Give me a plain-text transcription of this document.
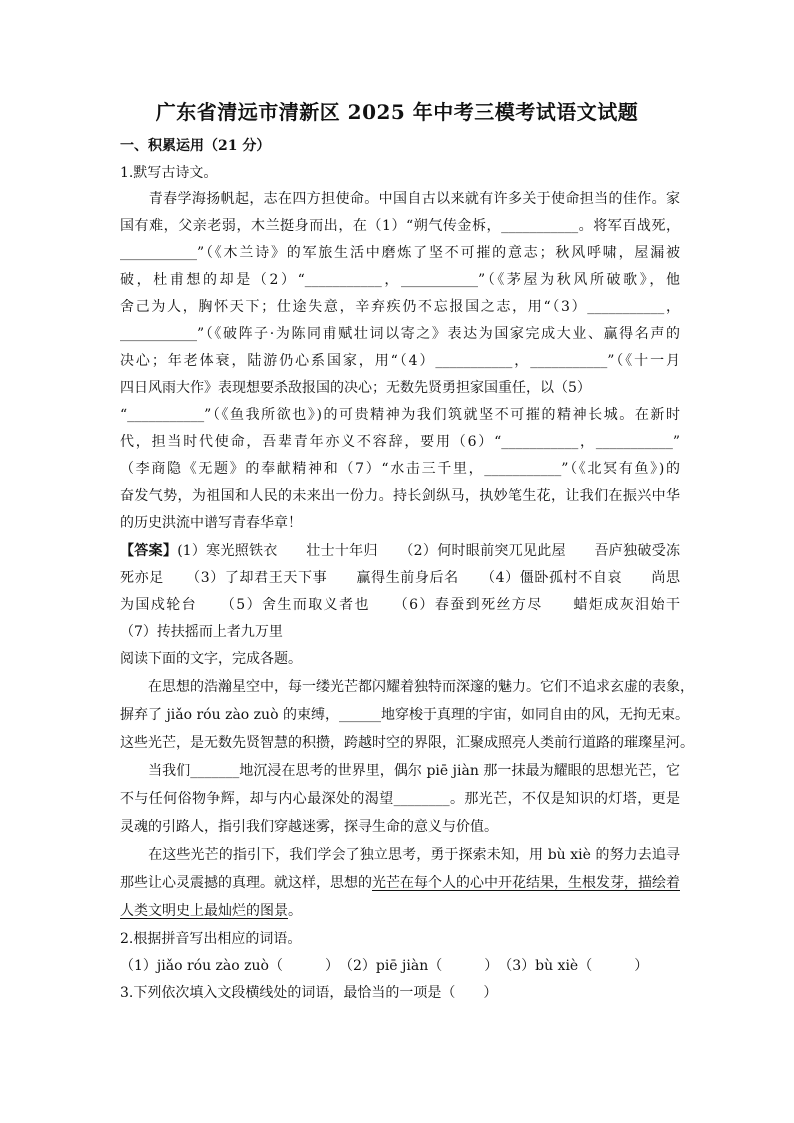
广东省清远市清新区 2025 年中考三模考试语文试题
一、积累运用（21 分）
1.默写古诗文。
　　青春学海扬帆起，志在四方担使命。中国自古以来就有许多关于使命担当的佳作。家
国有难，父亲老弱，木兰挺身而出，在（1）“朔气传金柝，___________。将军百战死，
___________”（《木兰诗》的军旅生活中磨炼了坚不可摧的意志；秋风呼啸，屋漏被
破，杜甫想的却是（2）“___________，___________”（《茅屋为秋风所破歌》，他
舍己为人，胸怀天下；仕途失意，辛弃疾仍不忘报国之志，用“（3）___________，
___________”（《破阵子·为陈同甫赋壮词以寄之》表达为国家完成大业、赢得名声的
决心；年老体衰，陆游仍心系国家，用“（4）___________，___________”（《十一月
四日风雨大作》表现想要杀敌报国的决心；无数先贤勇担家国重任，以（5）
“___________”（《鱼我所欲也》)的可贵精神为我们筑就坚不可摧的精神长城。在新时
代，担当时代使命，吾辈青年亦义不容辞，要用（6）“___________，___________”
（李商隐《无题》的奉献精神和（7）“水击三千里，___________”（《北冥有鱼》)的
奋发气势，为祖国和人民的未来出一份力。持长剑纵马，执妙笔生花，让我们在振兴中华
的历史洪流中谱写青春华章！
【答案】(1）寒光照铁衣　　壮士十年归　　（2）何时眼前突兀见此屋　　吾庐独破受冻
死亦足　　（3）了却君王天下事　　赢得生前身后名　　（4）僵卧孤村不自哀　　尚思
为国戍轮台　　（5）舍生而取义者也　　（6）春蚕到死丝方尽　　蜡炬成灰泪始干
（7）抟扶摇而上者九万里
阅读下面的文字，完成各题。
　　在思想的浩瀚星空中，每一缕光芒都闪耀着独特而深邃的魅力。它们不追求玄虚的表象，
摒弃了 jiǎo róu zào zuò 的束缚，______地穿梭于真理的宇宙，如同自由的风，无拘无束。
这些光芒，是无数先贤智慧的积攒，跨越时空的界限，汇聚成照亮人类前行道路的璀璨星河。
　　当我们_______地沉浸在思考的世界里，偶尔 piē jiàn 那一抹最为耀眼的思想光芒，它
不与任何俗物争辉，却与内心最深处的渴望________。那光芒，不仅是知识的灯塔，更是
灵魂的引路人，指引我们穿越迷雾，探寻生命的意义与价值。
　　在这些光芒的指引下，我们学会了独立思考，勇于探索未知，用 bù xiè 的努力去追寻
那些让心灵震撼的真理。就这样，思想的光芒在每个人的心中开花结果，生根发芽，描绘着
人类文明史上最灿烂的图景。
2.根据拼音写出相应的词语。
（1）jiǎo róu zào zuò（　　　）　（2）piē jiàn（　　　）　（3）bù xiè（　　　）
3.下列依次填入文段横线处的词语，最恰当的一项是（　　）
